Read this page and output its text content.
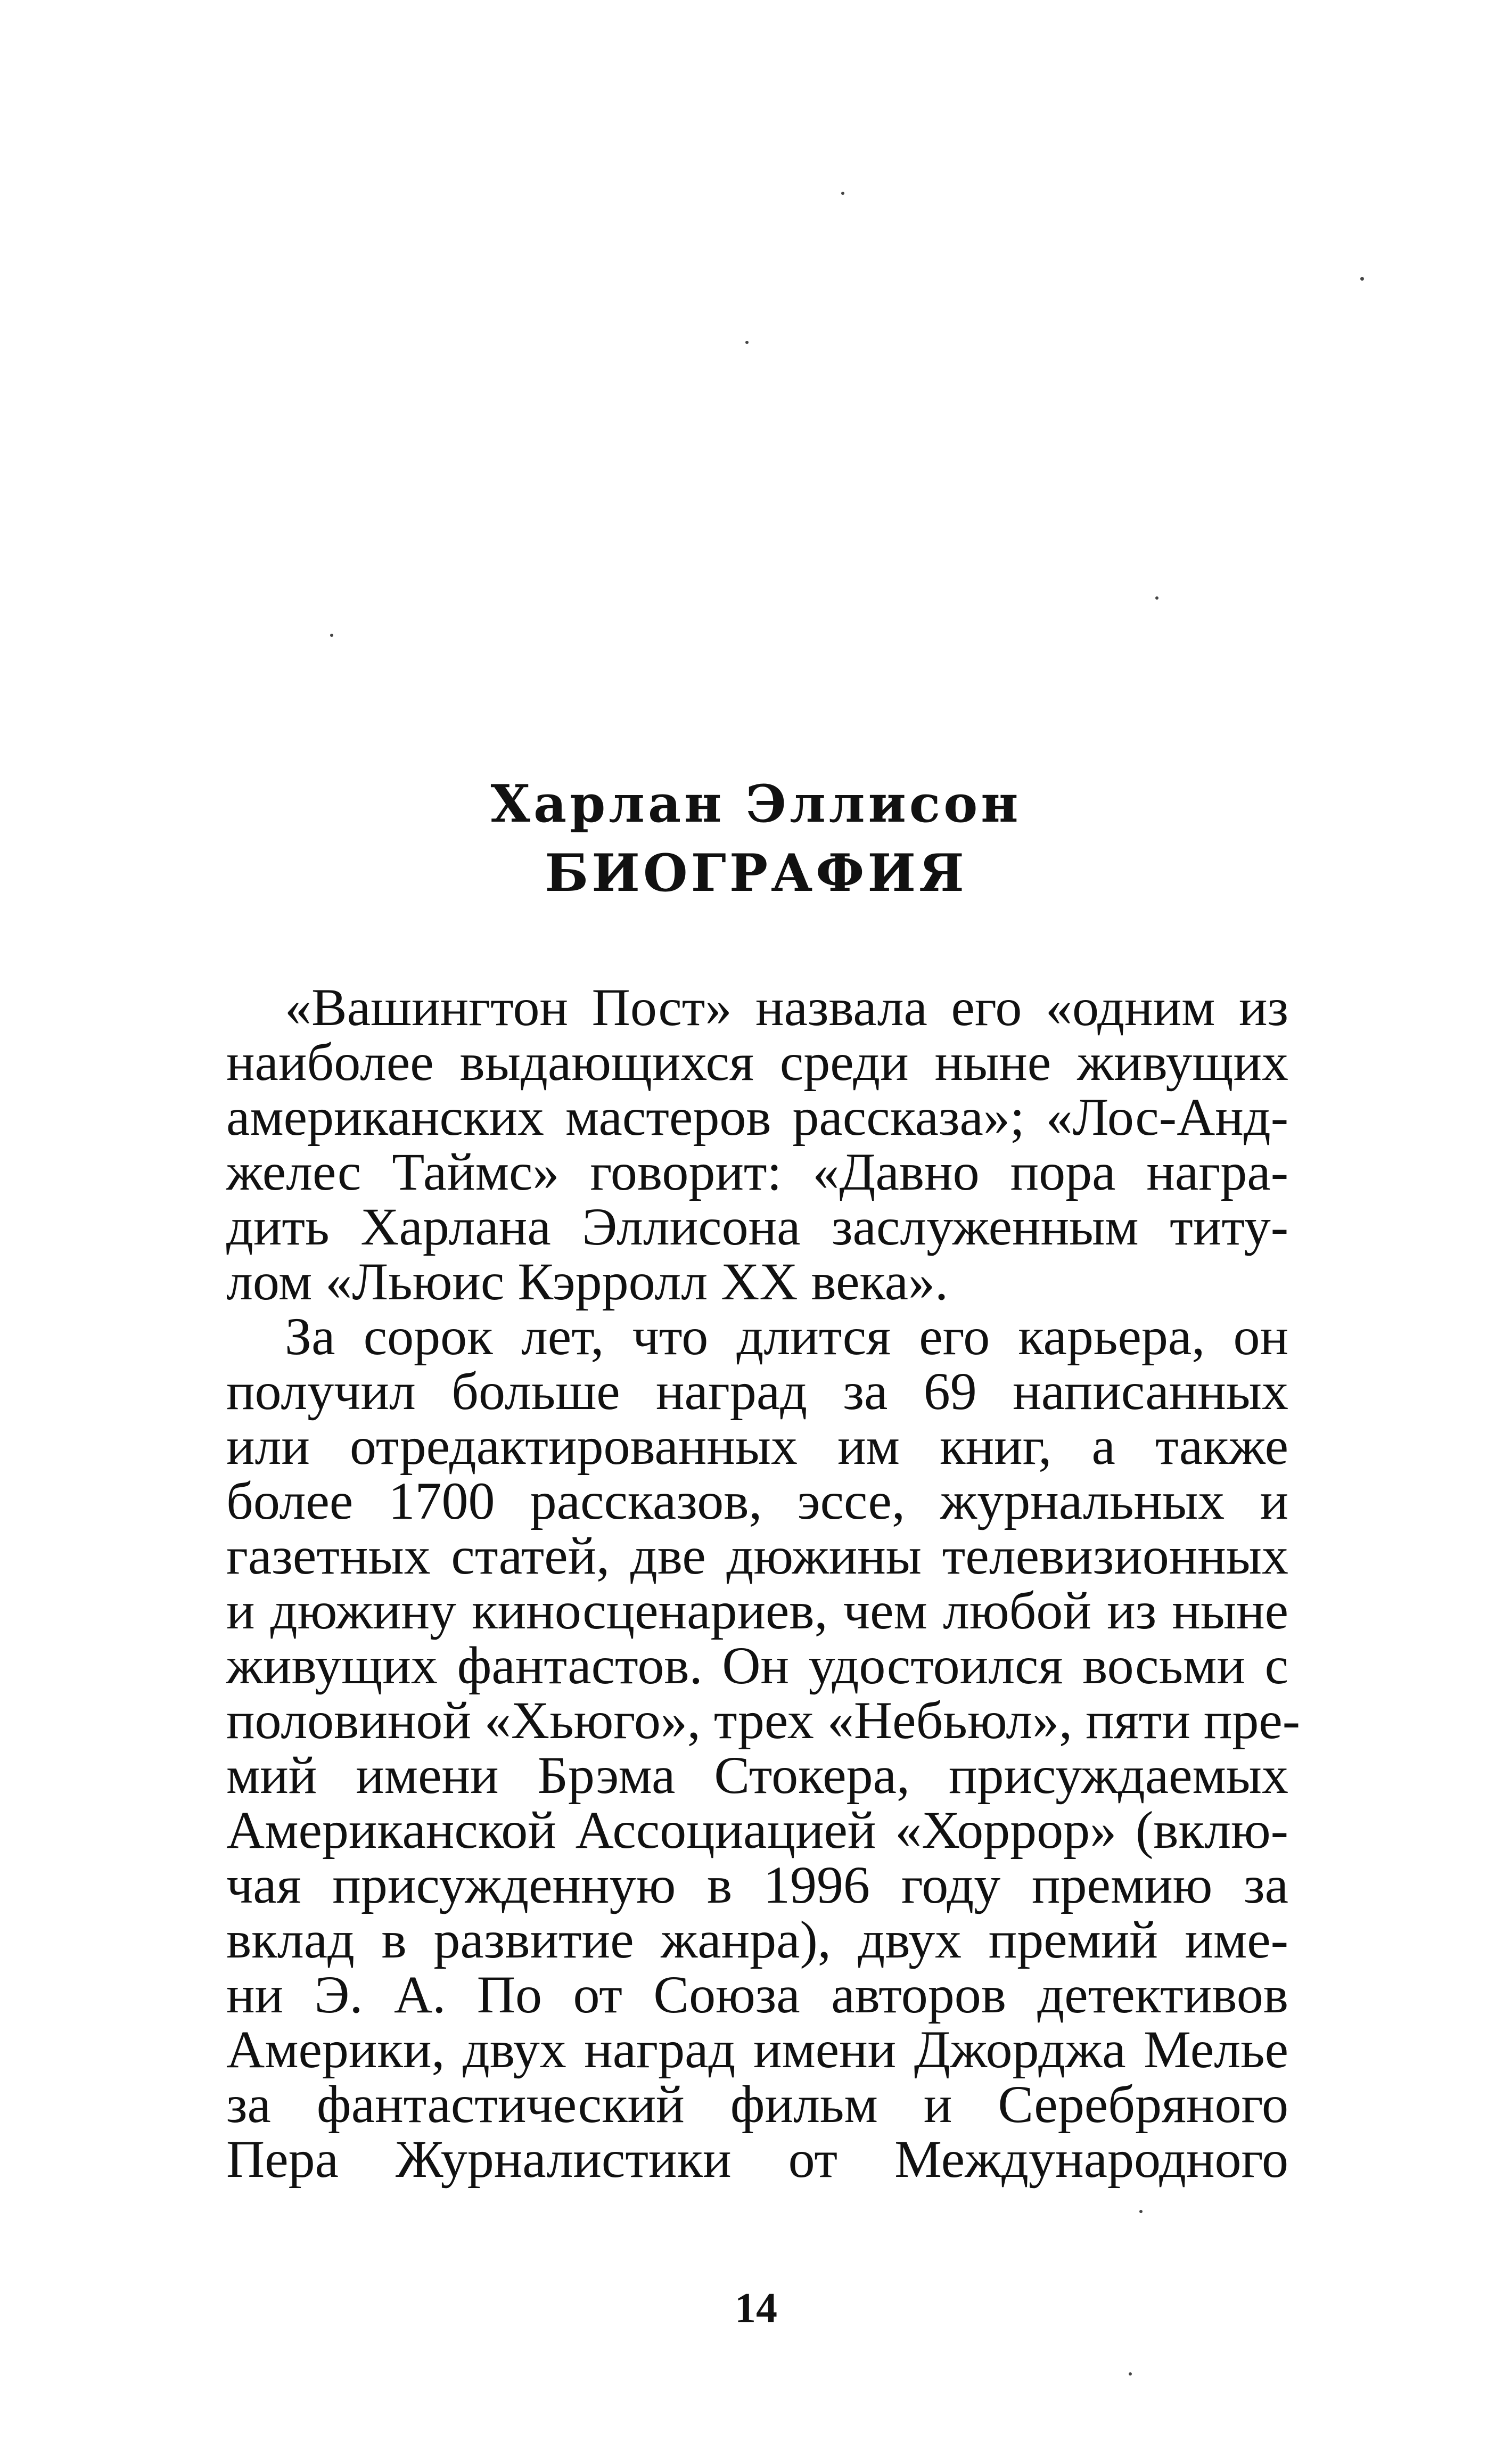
Харлан Эллисон
БИОГРАФИЯ

«Вашингтон Пост» назвала его «одним из
наиболее выдающихся среди ныне живущих
американских мастеров рассказа»; «Лос-Анд-
желес Таймс» говорит: «Давно пора награ-
дить Харлана Эллисона заслуженным титу-
лом «Льюис Кэрролл XX века».

За сорок лет, что длится его карьера, он
получил больше наград за 69 написанных
или отредактированных им книг, а также
более 1700 рассказов, эссе, журнальных и
газетных статей, две дюжины телевизионных
и дюжину киносценариев, чем любой из ныне
живущих фантастов. Он удостоился восьми с
половиной «Хьюго», трех «Небьюл», пяти пре-
мий имени Брэма Стокера, присуждаемых
Американской Ассоциацией «Хоррор» (вклю-
чая присужденную в 1996 году премию за
вклад в развитие жанра), двух премий име-
ни Э. А. По от Союза авторов детективов
Америки, двух наград имени Джорджа Мелье
за фантастический фильм и Серебряного
Пера Журналистики от Международного

14
